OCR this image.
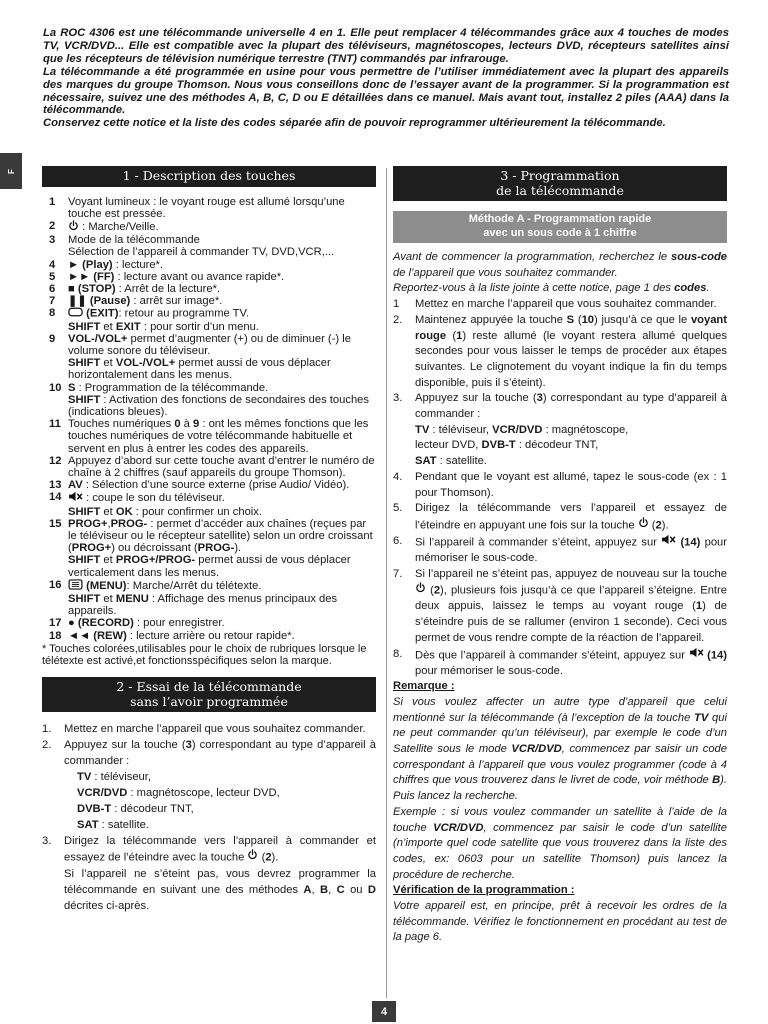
La ROC 4306 est une télécommande universelle 4 en 1. Elle peut remplacer 4 télécommandes grâce aux 4 touches de modes TV, VCR/DVD... Elle est compatible avec la plupart des téléviseurs, magnétoscopes, lecteurs DVD, récepteurs satellites ainsi que les récepteurs de télévision numérique terrestre (TNT) commandés par infrarouge.

La télécommande a été programmée en usine pour vous permettre de l’utiliser immédiatement avec la plupart des appareils des marques du groupe Thomson. Nous vous conseillons donc de l’essayer avant de la programmer. Si la programmation est nécessaire, suivez une des méthodes A, B, C, D ou E détaillées dans ce manuel. Mais avant tout, installez 2 piles (AAA) dans la télécommande.

Conservez cette notice et la liste des codes séparée afin de pouvoir reprogrammer ultérieurement la télécommande.

F	1 - Description des touches
1	Voyant lumineux : le voyant rouge est allumé lorsqu’une touche est pressée.
2	: Marche/Veille.
3	Mode de la télécommande
Sélection de l’appareil à commander TV, DVD,VCR,...
4	► (Play) : lecture*.
5	►► (FF) : lecture avant ou avance rapide*.
6	■ (STOP) : Arrêt de la lecture*.
7	❚❚ (Pause) : arrêt sur image*.
8	(EXIT): retour au programme TV.
SHIFT et EXIT : pour sortir d’un menu.
9	VOL-/VOL+ permet d’augmenter (+) ou de diminuer (-) le volume sonore du téléviseur.
SHIFT et VOL-/VOL+ permet aussi de vous déplacer horizontalement dans les menus.
10 S : Programmation de la télécommande.
SHIFT : Activation des fonctions de secondaires des touches (indications bleues).
11 Touches numériques 0 à 9 : ont les mêmes fonctions que les touches numériques de votre télécommande habituelle et servent en plus à entrer les codes des appareils.
12 Appuyez d’abord sur cette touche avant d’entrer le numéro de chaîne à 2 chiffres (sauf appareils du groupe Thomson).
13 AV : Sélection d’une source externe (prise Audio/ Vidéo).
14	: coupe le son du téléviseur.
SHIFT et OK : pour confirmer un choix.
15 PROG+,PROG- : permet d’accéder aux chaînes (reçues par le téléviseur ou le récepteur satellite) selon un ordre croissant (PROG+) ou décroissant (PROG-).
SHIFT et PROG+/PROG- permet aussi de vous déplacer verticalement dans les menus.
16	(MENU): Marche/Arrêt du télétexte.
SHIFT et MENU : Affichage des menus principaux des appareils.
17 ● (RECORD) : pour enregistrer.
18 ◄◄ (REW) : lecture arrière ou retour rapide*.
* Touches colorées,utilisables pour le choix de rubriques lorsque le télétexte est activé,et fonctionsspécifiques selon la marque.
2 - Essai de la télécommande
sans l’avoir programmée
1.	Mettez en marche l’appareil que vous souhaitez commander.
2.	Appuyez sur la touche (3) correspondant au type d’appareil à commander :
TV : téléviseur,
VCR/DVD : magnétoscope, lecteur DVD,
DVB-T : décodeur TNT,
SAT : satellite.
3.	Dirigez la télécommande vers l’appareil à commander et essayez de l’éteindre avec la touche  (2).
Si l’appareil ne s’éteint pas, vous devrez programmer la télécommande en suivant une des méthodes A, B, C ou D décrites ci-après.
3 - Programmation
de la télécommande
Méthode A - Programmation rapide
avec un sous code à 1 chiffre
Avant de commencer la programmation, recherchez le sous-code de l’appareil que vous souhaitez commander.
Reportez-vous à la liste jointe à cette notice, page 1 des codes.
1	Mettez en marche l’appareil que vous souhaitez commander.
2.	Maintenez appuyée la touche S (10) jusqu’à ce que le voyant rouge (1) reste allumé (le voyant restera allumé quelques secondes pour vous laisser le temps de procéder aux étapes suivantes. Le clignotement du voyant indique la fin du temps disponible, puis il s’éteint).
3.	Appuyez sur la touche (3) correspondant au type d’appareil à commander :
TV : téléviseur, VCR/DVD : magnétoscope,
lecteur DVD, DVB-T : décodeur TNT,
SAT : satellite.
4.	Pendant que le voyant est allumé, tapez le sous-code (ex : 1 pour Thomson).
5.	Dirigez la télécommande vers l’appareil et essayez de l’éteindre en appuyant une fois sur la touche  (2).
6.	Si l’appareil à commander s’éteint, appuyez sur  (14) pour mémoriser le sous-code.
7.	Si l’appareil ne s’éteint pas, appuyez de nouveau sur la touche  (2), plusieurs fois jusqu’à ce que l’appareil s’éteigne. Entre deux appuis, laissez le temps au voyant rouge (1) de s’éteindre puis de se rallumer (environ 1 seconde). Ceci vous permet de vous rendre compte de la réaction de l’appareil.
8.	Dès que l’appareil à commander s’éteint, appuyez sur  (14) pour mémoriser le sous-code.
Remarque :
Si vous voulez affecter un autre type d’appareil que celui mentionné sur la télécommande (à l’exception de la touche TV qui ne peut commander qu’un téléviseur), par exemple le code d’un Satellite sous le mode VCR/DVD, commencez par saisir un code correspondant à l’appareil que vous voulez programmer (code à 4 chiffres que vous trouverez dans le livret de code, voir méthode B). Puis lancez la recherche.
Exemple : si vous voulez commander un satellite à l’aide de la touche VCR/DVD, commencez par saisir le code d’un satellite (n’importe quel code satellite que vous trouverez dans la liste des codes, ex: 0603 pour un satellite Thomson) puis lancez la procédure de recherche.
Vérification de la programmation :
Votre appareil est, en principe, prêt à recevoir les ordres de la télécommande. Vérifiez le fonctionnement en procédant au test de la page 6.
4
